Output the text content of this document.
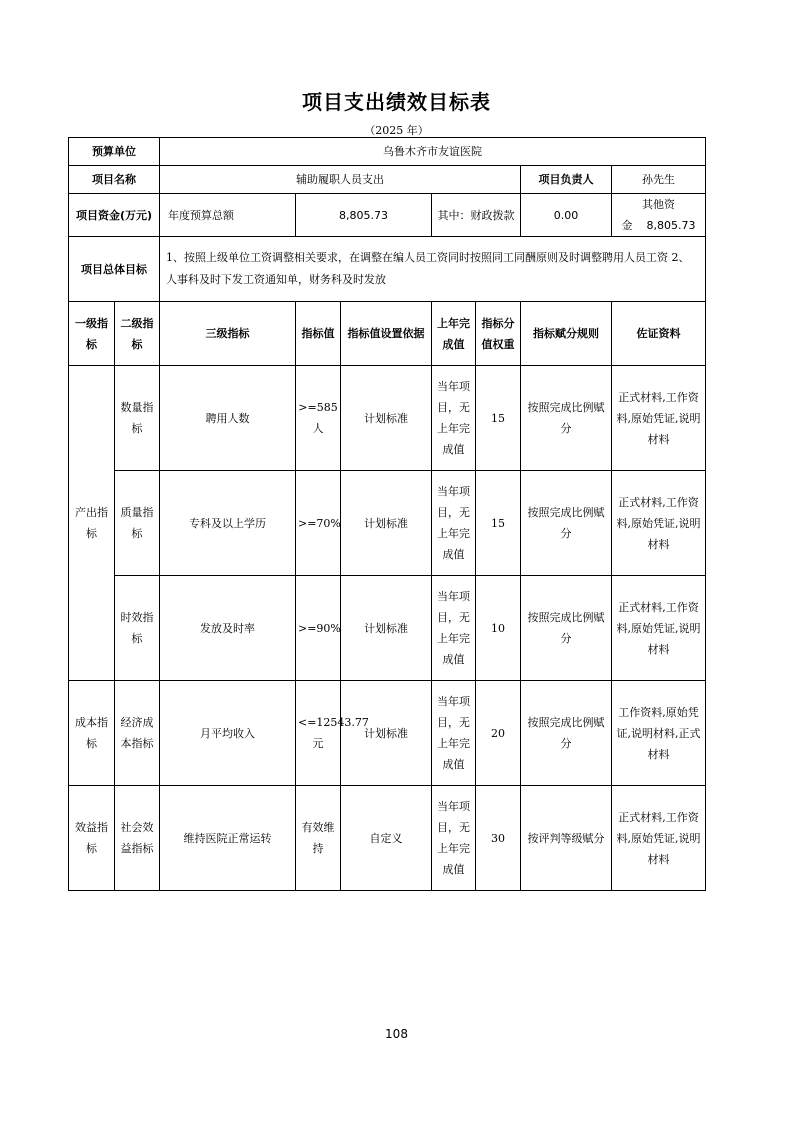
项目支出绩效目标表
（2025 年）
预算单位		乌鲁木齐市友谊医院						
项目名称		辅助履职人员支出					项目负责人	孙先生
项目资金(万元)		年度预算总额	8,805.73		其中：财政拨款		0.00	其他资金 8,805.73
项目总体目标		1、按照上级单位工资调整相关要求，在调整在编人员工资同时按照同工同酬原则及时调整聘用人员工资 2、人事科及时下发工资通知单，财务科及时发放						
一级指标	二级指标	三级指标	指标值	指标值设置依据	上年完成值	指标分值权重	指标赋分规则	佐证资料
产出指标	数量指标	聘用人数	>=585人	计划标准	当年项目，无上年完成值	15	按照完成比例赋分	正式材料,工作资料,原始凭证,说明材料
	质量指标	专科及以上学历	>=70%	计划标准	当年项目，无上年完成值	15	按照完成比例赋分	正式材料,工作资料,原始凭证,说明材料
	时效指标	发放及时率	>=90%	计划标准	当年项目，无上年完成值	10	按照完成比例赋分	正式材料,工作资料,原始凭证,说明材料
成本指标	经济成本指标	月平均收入	<=12543.77元	计划标准	当年项目，无上年完成值	20	按照完成比例赋分	工作资料,原始凭证,说明材料,正式材料
效益指标	社会效益指标	维持医院正常运转	有效维持	自定义	当年项目，无上年完成值	30	按评判等级赋分	正式材料,工作资料,原始凭证,说明材料
108
